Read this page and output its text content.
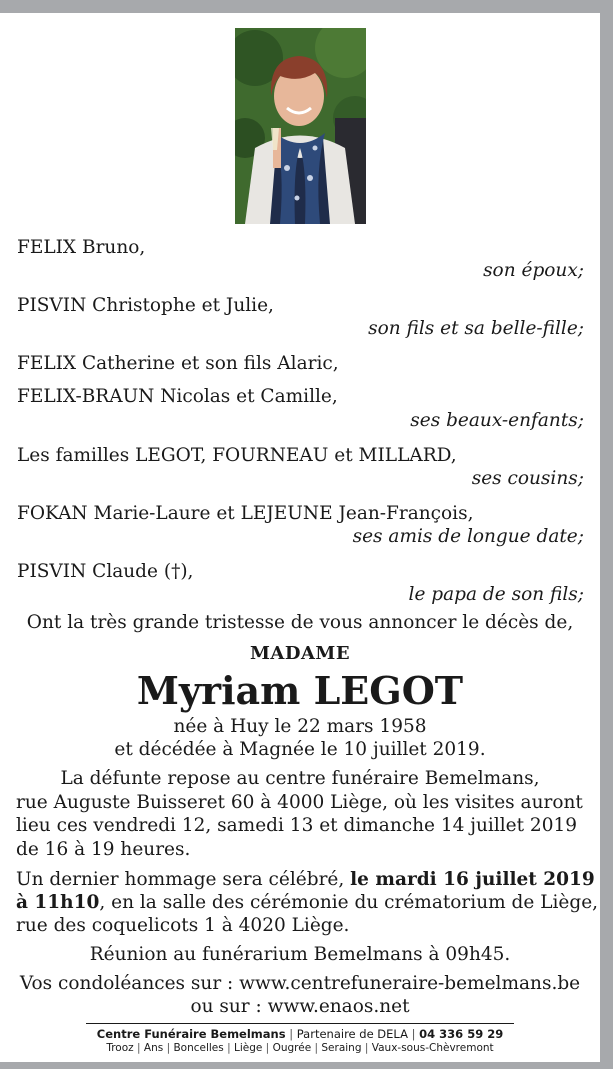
FELIX Bruno,
son époux;
PISVIN Christophe et Julie,
son fils et sa belle-fille;
FELIX Catherine et son fils Alaric,
FELIX-BRAUN Nicolas et Camille,
ses beaux-enfants;
Les familles LEGOT, FOURNEAU et MILLARD,
ses cousins;
FOKAN Marie-Laure et LEJEUNE Jean-François,
ses amis de longue date;
PISVIN Claude (†),
le papa de son fils;
Ont la très grande tristesse de vous annoncer le décès de,
MADAME
Myriam LEGOT
née à Huy le 22 mars 1958
et décédée à Magnée le 10 juillet 2019.
La défunte repose au centre funéraire Bemelmans,
rue Auguste Buisseret 60 à 4000 Liège, où les visites auront
lieu ces vendredi 12, samedi 13 et dimanche 14 juillet 2019
de 16 à 19 heures.
Un dernier hommage sera célébré, le mardi 16 juillet 2019
à 11h10, en la salle des cérémonie du crématorium de Liège,
rue des coquelicots 1 à 4020 Liège.
Réunion au funérarium Bemelmans à 09h45.
Vos condoléances sur : www.centrefuneraire-bemelmans.be
ou sur : www.enaos.net
Centre Funéraire Bemelmans | Partenaire de DELA | 04 336 59 29
Trooz | Ans | Boncelles | Liège | Ougrée | Seraing | Vaux-sous-Chèvremont
